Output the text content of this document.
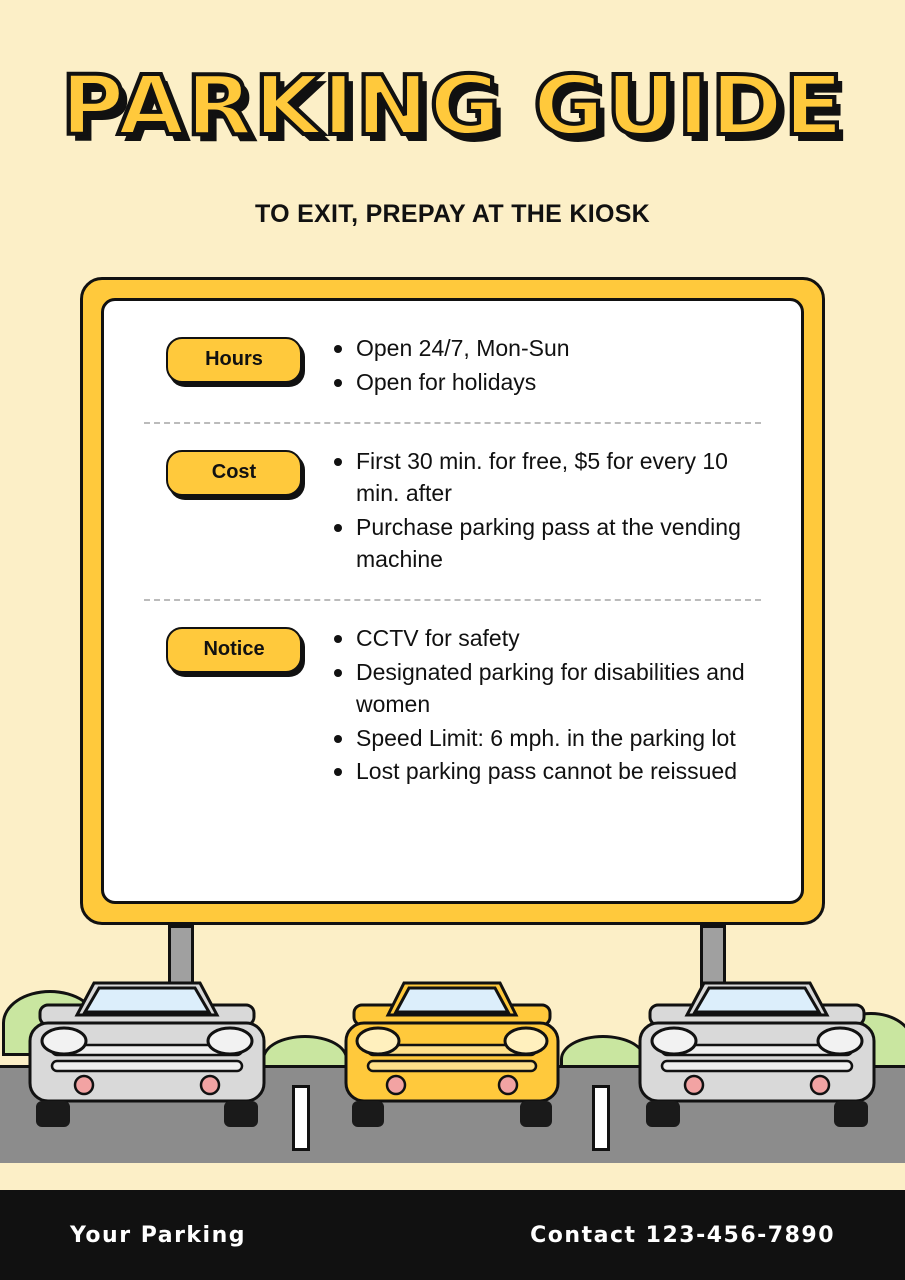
PARKING GUIDE
TO EXIT, PREPAY AT THE KIOSK
Hours	Open 24/7, Mon-Sun
Open for holidays
Cost	First 30 min. for free, $5 for every 10 min. after
Purchase parking pass at the vending machine
Notice	CCTV for safety
Designated parking for disabilities and women
Speed Limit: 6 mph. in the parking lot
Lost parking pass cannot be reissued
Your Parking	Contact 123-456-7890
